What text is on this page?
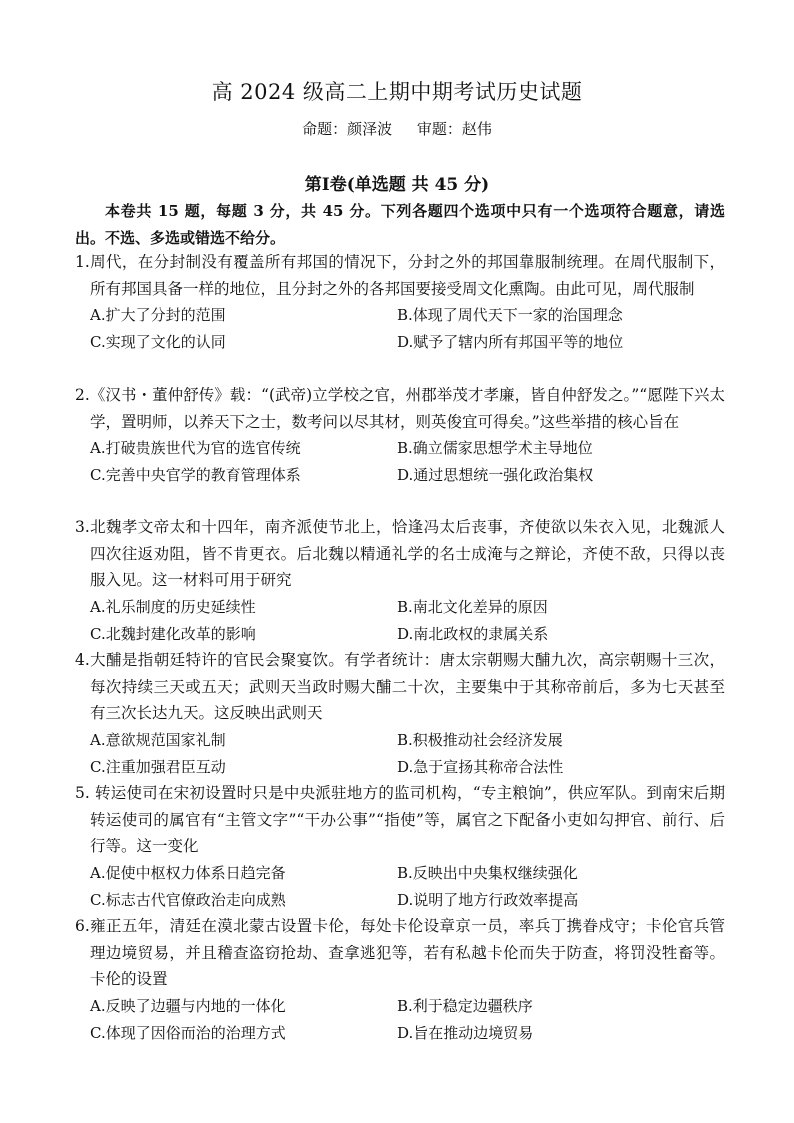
高 2024 级高二上期中期考试历史试题
命题：颜泽波 审题：赵伟
第Ⅰ卷(单选题 共 45 分)
本卷共 15 题，每题 3 分，共 45 分。下列各题四个选项中只有一个选项符合题意，请选出。不选、多选或错选不给分。

1.周代，在分封制没有覆盖所有邦国的情况下，分封之外的邦国靠服制统理。在周代服制下，所有邦国具备一样的地位，且分封之外的各邦国要接受周文化熏陶。由此可见，周代服制

A.扩大了分封的范围	B.体现了周代天下一家的治国理念
C.实现了文化的认同	D.赋予了辖内所有邦国平等的地位

2.《汉书・董仲舒传》载：“(武帝)立学校之官，州郡举茂才孝廉，皆自仲舒发之。”“愿陛下兴太学，置明师，以养天下之士，数考问以尽其材，则英俊宜可得矣。”这些举措的核心旨在

A.打破贵族世代为官的选官传统	B.确立儒家思想学术主导地位
C.完善中央官学的教育管理体系	D.通过思想统一强化政治集权

3.北魏孝文帝太和十四年，南齐派使节北上，恰逢冯太后丧事，齐使欲以朱衣入见，北魏派人四次往返劝阻，皆不肯更衣。后北魏以精通礼学的名士成淹与之辩论，齐使不敌，只得以丧服入见。这一材料可用于研究

A.礼乐制度的历史延续性	B.南北文化差异的原因
C.北魏封建化改革的影响	D.南北政权的隶属关系

4.大酺是指朝廷特许的官民会聚宴饮。有学者统计：唐太宗朝赐大酺九次，高宗朝赐十三次，每次持续三天或五天；武则天当政时赐大酺二十次，主要集中于其称帝前后，多为七天甚至有三次长达九天。这反映出武则天

A.意欲规范国家礼制	B.积极推动社会经济发展
C.注重加强君臣互动	D.急于宣扬其称帝合法性

5. 转运使司在宋初设置时只是中央派驻地方的监司机构，“专主粮饷”，供应军队。到南宋后期转运使司的属官有“主管文字”“干办公事”“指使”等，属官之下配备小吏如勾押官、前行、后行等。这一变化

A.促使中枢权力体系日趋完备	B.反映出中央集权继续强化
C.标志古代官僚政治走向成熟	D.说明了地方行政效率提高

6.雍正五年，清廷在漠北蒙古设置卡伦，每处卡伦设章京一员，率兵丁携眷戍守；卡伦官兵管理边境贸易，并且稽查盗窃抢劫、查拿逃犯等，若有私越卡伦而失于防查，将罚没牲畜等。卡伦的设置

A.反映了边疆与内地的一体化	B.利于稳定边疆秩序
C.体现了因俗而治的治理方式	D.旨在推动边境贸易
